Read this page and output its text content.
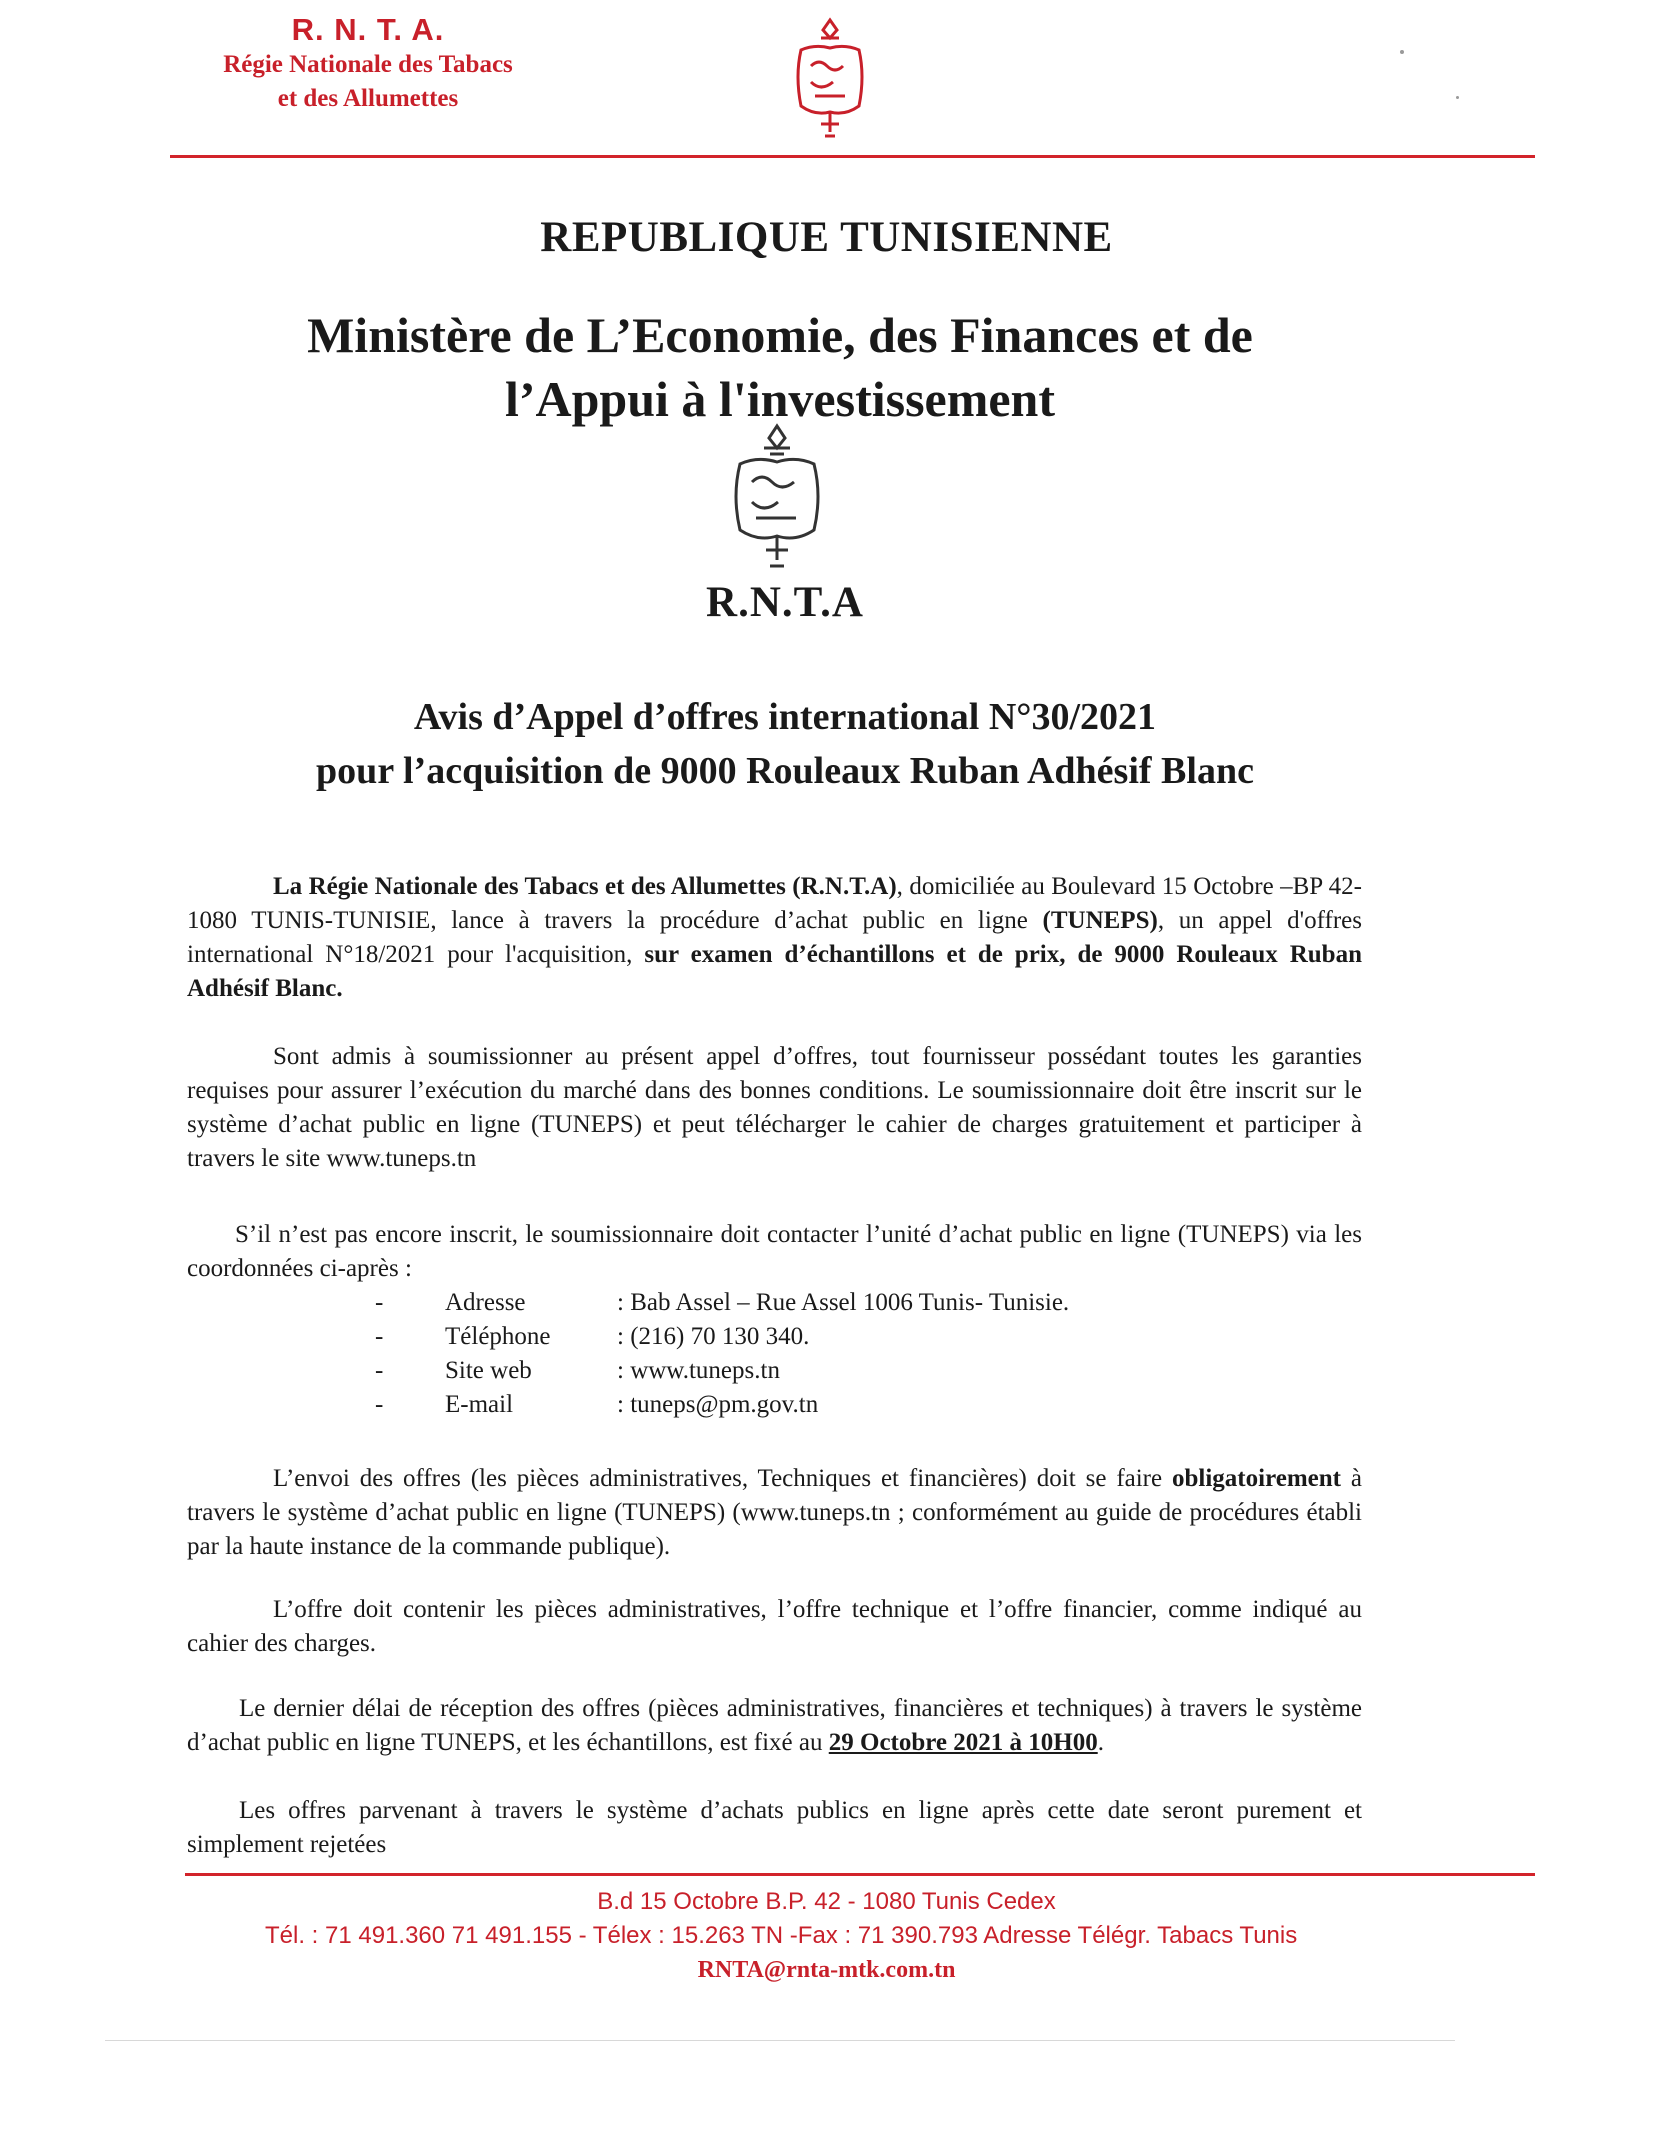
R. N. T. A.
Régie Nationale des Tabacs
et des Allumettes
REPUBLIQUE TUNISIENNE
Ministère de L’Economie, des Finances et de
l’Appui à l'investissement
R.N.T.A
Avis d’Appel d’offres international N°30/2021
pour l’acquisition de 9000 Rouleaux Ruban Adhésif Blanc
La Régie Nationale des Tabacs et des Allumettes (R.N.T.A), domiciliée au Boulevard 15 Octobre –BP 42- 1080 TUNIS-TUNISIE, lance à travers la procédure d’achat public en ligne (TUNEPS), un appel d'offres international N°18/2021 pour l'acquisition, sur examen d’échantillons et de prix, de 9000 Rouleaux Ruban Adhésif Blanc.
Sont admis à soumissionner au présent appel d’offres, tout fournisseur possédant toutes les garanties requises pour assurer l’exécution du marché dans des bonnes conditions. Le soumissionnaire doit être inscrit sur le système d’achat public en ligne (TUNEPS) et peut télécharger le cahier de charges gratuitement et participer à travers le site www.tuneps.tn
S’il n’est pas encore inscrit, le soumissionnaire doit contacter l’unité d’achat public en ligne (TUNEPS) via les coordonnées ci-après :
-	Adresse	: Bab Assel – Rue Assel 1006 Tunis- Tunisie.
-	Téléphone	: (216) 70 130 340.
-	Site web	: www.tuneps.tn
-	E-mail	: tuneps@pm.gov.tn
L’envoi des offres (les pièces administratives, Techniques et financières) doit se faire obligatoirement à travers le système d’achat public en ligne (TUNEPS) (www.tuneps.tn ; conformément au guide de procédures établi par la haute instance de la commande publique).
L’offre doit contenir les pièces administratives, l’offre technique et l’offre financier, comme indiqué au cahier des charges.
Le dernier délai de réception des offres (pièces administratives, financières et techniques) à travers le système d’achat public en ligne TUNEPS, et les échantillons, est fixé au 29 Octobre 2021 à 10H00.
Les offres parvenant à travers le système d’achats publics en ligne après cette date seront purement et simplement rejetées
B.d 15 Octobre B.P. 42 - 1080 Tunis Cedex
Tél. : 71 491.360 71 491.155 - Télex : 15.263 TN -Fax : 71 390.793 Adresse Télégr. Tabacs Tunis
RNTA@rnta-mtk.com.tn
